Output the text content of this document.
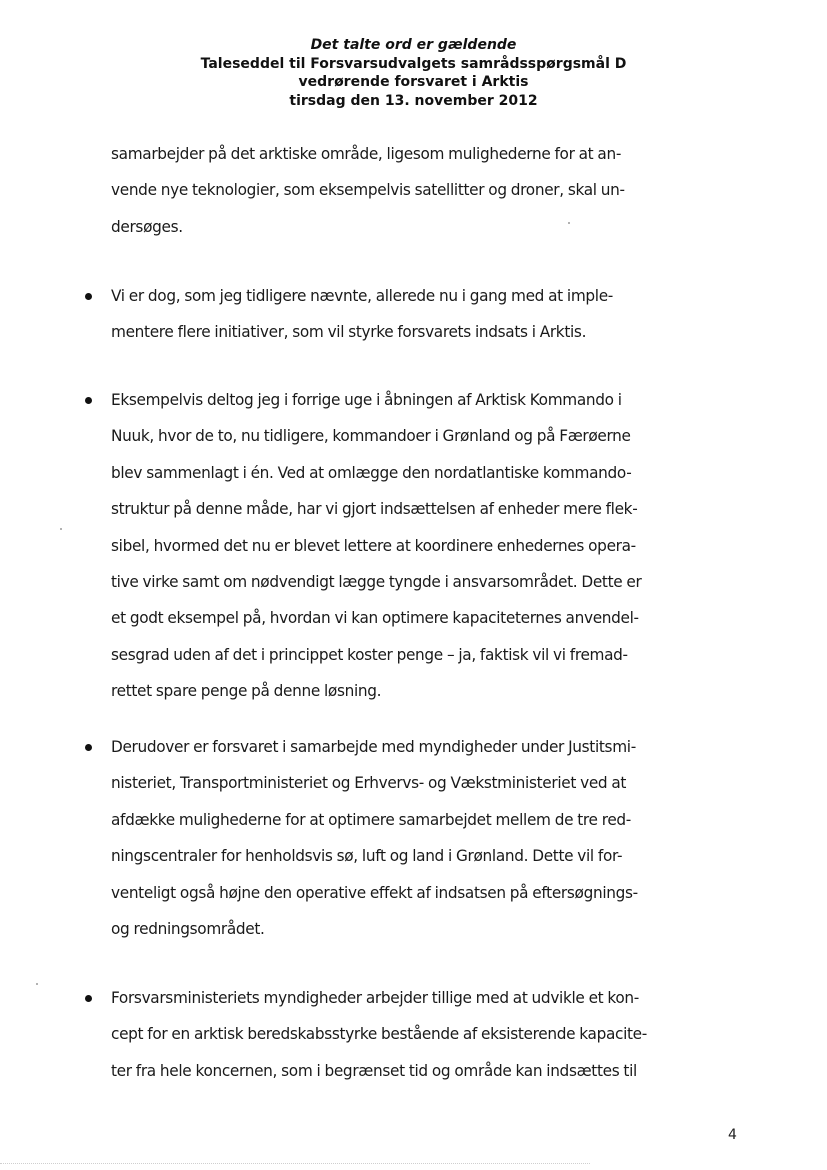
Det talte ord er gældende
Taleseddel til Forsvarsudvalgets samrådsspørgsmål D
vedrørende forsvaret i Arktis
tirsdag den 13. november 2012
samarbejder på det arktiske område, ligesom mulighederne for at an-
vende nye teknologier, som eksempelvis satellitter og droner, skal un-
dersøges.
Vi er dog, som jeg tidligere nævnte, allerede nu i gang med at imple-
mentere flere initiativer, som vil styrke forsvarets indsats i Arktis.
Eksempelvis deltog jeg i forrige uge i åbningen af Arktisk Kommando i
Nuuk, hvor de to, nu tidligere, kommandoer i Grønland og på Færøerne
blev sammenlagt i én. Ved at omlægge den nordatlantiske kommando-
struktur på denne måde, har vi gjort indsættelsen af enheder mere flek-
sibel, hvormed det nu er blevet lettere at koordinere enhedernes opera-
tive virke samt om nødvendigt lægge tyngde i ansvarsområdet. Dette er
et godt eksempel på, hvordan vi kan optimere kapaciteternes anvendel-
sesgrad uden af det i princippet koster penge – ja, faktisk vil vi fremad-
rettet spare penge på denne løsning.
Derudover er forsvaret i samarbejde med myndigheder under Justitsmi-
nisteriet, Transportministeriet og Erhvervs- og Vækstministeriet ved at
afdække mulighederne for at optimere samarbejdet mellem de tre red-
ningscentraler for henholdsvis sø, luft og land i Grønland. Dette vil for-
venteligt også højne den operative effekt af indsatsen på eftersøgnings-
og redningsområdet.
Forsvarsministeriets myndigheder arbejder tillige med at udvikle et kon-
cept for en arktisk beredskabsstyrke bestående af eksisterende kapacite-
ter fra hele koncernen, som i begrænset tid og område kan indsættes til
4
